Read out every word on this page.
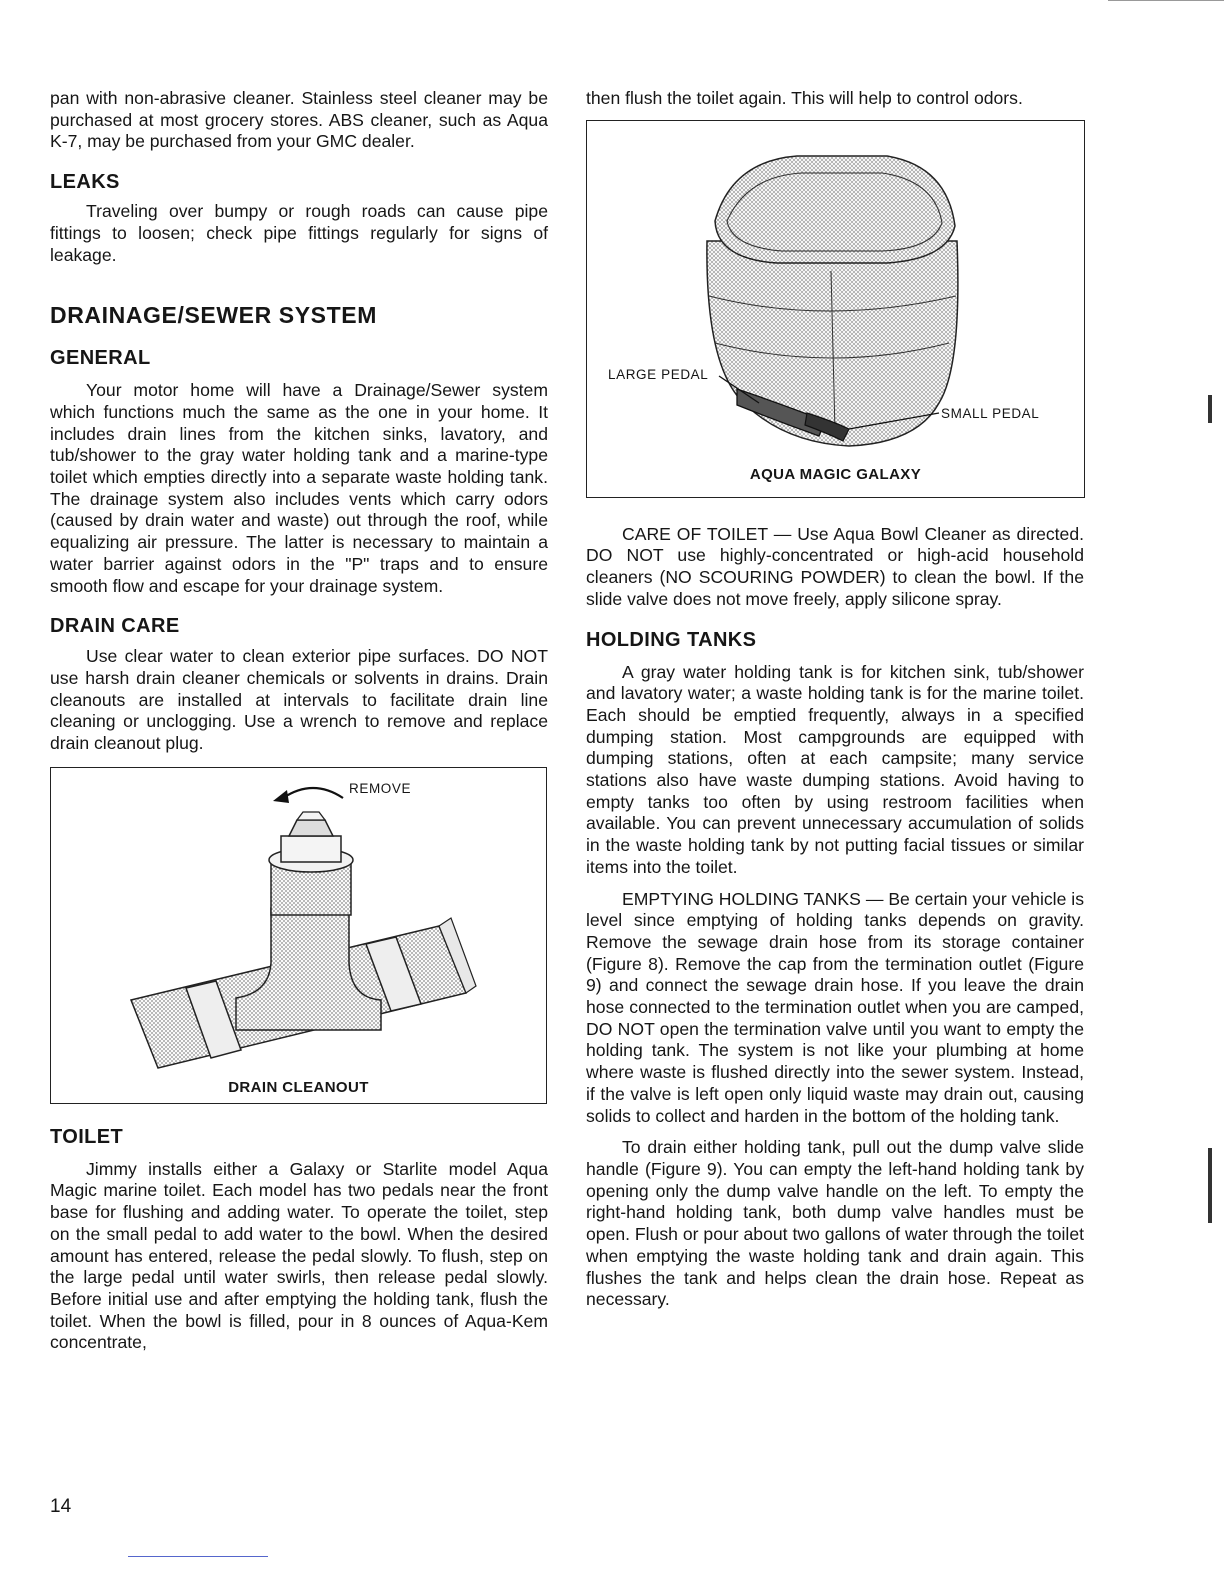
pan with non-abrasive cleaner. Stainless steel cleaner may be purchased at most grocery stores. ABS cleaner, such as Aqua K-7, may be purchased from your GMC dealer.

LEAKS

Traveling over bumpy or rough roads can cause pipe fittings to loosen; check pipe fittings regularly for signs of leakage.

DRAINAGE/SEWER SYSTEM
GENERAL

Your motor home will have a Drainage/Sewer system which functions much the same as the one in your home. It includes drain lines from the kitchen sinks, lavatory, and tub/shower to the gray water holding tank and a marine-type toilet which empties directly into a separate waste holding tank. The drainage system also includes vents which carry odors (caused by drain water and waste) out through the roof, while equalizing air pressure. The latter is necessary to maintain a water barrier against odors in the "P" traps and to ensure smooth flow and escape for your drainage system.

DRAIN CARE

Use clear water to clean exterior pipe surfaces. DO NOT use harsh drain cleaner chemicals or solvents in drains. Drain cleanouts are installed at intervals to facilitate drain line cleaning or unclogging. Use a wrench to remove and replace drain cleanout plug.

REMOVE
DRAIN CLEANOUT
TOILET

Jimmy installs either a Galaxy or Starlite model Aqua Magic marine toilet. Each model has two pedals near the front base for flushing and adding water. To operate the toilet, step on the small pedal to add water to the bowl. When the desired amount has entered, release the pedal slowly. To flush, step on the large pedal until water swirls, then release pedal slowly. Before initial use and after emptying the holding tank, flush the toilet. When the bowl is filled, pour in 8 ounces of Aqua-Kem concentrate,

then flush the toilet again. This will help to control odors.

LARGE PEDAL
SMALL PEDAL
AQUA MAGIC GALAXY

CARE OF TOILET — Use Aqua Bowl Cleaner as directed. DO NOT use highly-concentrated or high-acid household cleaners (NO SCOURING POWDER) to clean the bowl. If the slide valve does not move freely, apply silicone spray.

HOLDING TANKS

A gray water holding tank is for kitchen sink, tub/shower and lavatory water; a waste holding tank is for the marine toilet. Each should be emptied frequently, always in a specified dumping station. Most campgrounds are equipped with dumping stations, often at each campsite; many service stations also have waste dumping stations. Avoid having to empty tanks too often by using restroom facilities when available. You can prevent unnecessary accumulation of solids in the waste holding tank by not putting facial tissues or similar items into the toilet.

EMPTYING HOLDING TANKS — Be certain your vehicle is level since emptying of holding tanks depends on gravity. Remove the sewage drain hose from its storage container (Figure 8). Remove the cap from the termination outlet (Figure 9) and connect the sewage drain hose. If you leave the drain hose connected to the termination outlet when you are camped, DO NOT open the termination valve until you want to empty the holding tank. The system is not like your plumbing at home where waste is flushed directly into the sewer system. Instead, if the valve is left open only liquid waste may drain out, causing solids to collect and harden in the bottom of the holding tank.

To drain either holding tank, pull out the dump valve slide handle (Figure 9). You can empty the left-hand holding tank by opening only the dump valve handle on the left. To empty the right-hand holding tank, both dump valve handles must be open. Flush or pour about two gallons of water through the toilet when emptying the waste holding tank and drain again. This flushes the tank and helps clean the drain hose. Repeat as necessary.

14
